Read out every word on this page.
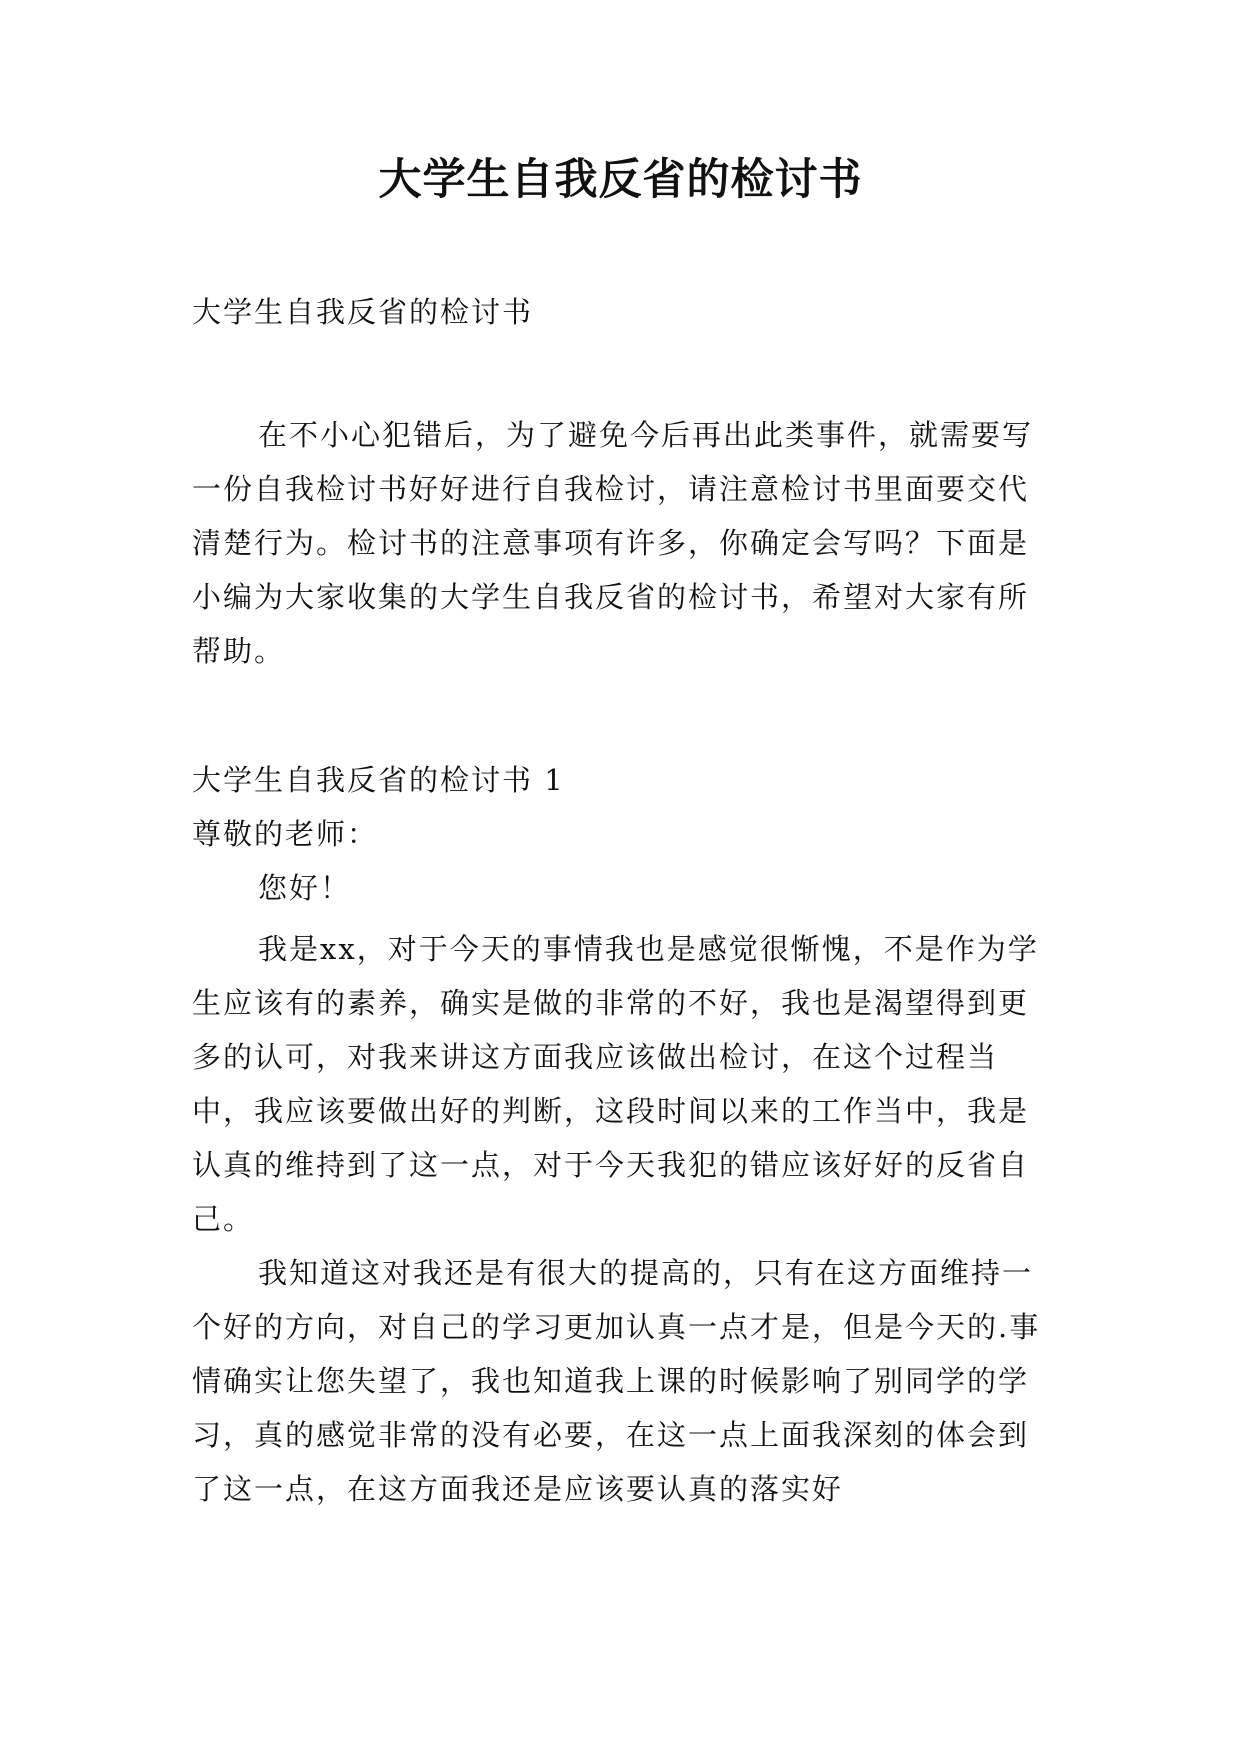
大学生自我反省的检讨书
大学生自我反省的检讨书
在不小心犯错后，为了避免今后再出此类事件，就需要写一份自我检讨书好好进行自我检讨，请注意检讨书里面要交代清楚行为。检讨书的注意事项有许多，你确定会写吗？下面是小编为大家收集的大学生自我反省的检讨书，希望对大家有所帮助。

大学生自我反省的检讨书 1

尊敬的老师：

您好！

我是xx，对于今天的事情我也是感觉很惭愧，不是作为学生应该有的素养，确实是做的非常的不好，我也是渴望得到更多的认可，对我来讲这方面我应该做出检讨，在这个过程当中，我应该要做出好的判断，这段时间以来的工作当中，我是认真的维持到了这一点，对于今天我犯的错应该好好的反省自己。

我知道这对我还是有很大的提高的，只有在这方面维持一个好的方向，对自己的学习更加认真一点才是，但是今天的.事情确实让您失望了，我也知道我上课的时候影响了别同学的学习，真的感觉非常的没有必要，在这一点上面我深刻的体会到了这一点，在这方面我还是应该要认真的落实好
